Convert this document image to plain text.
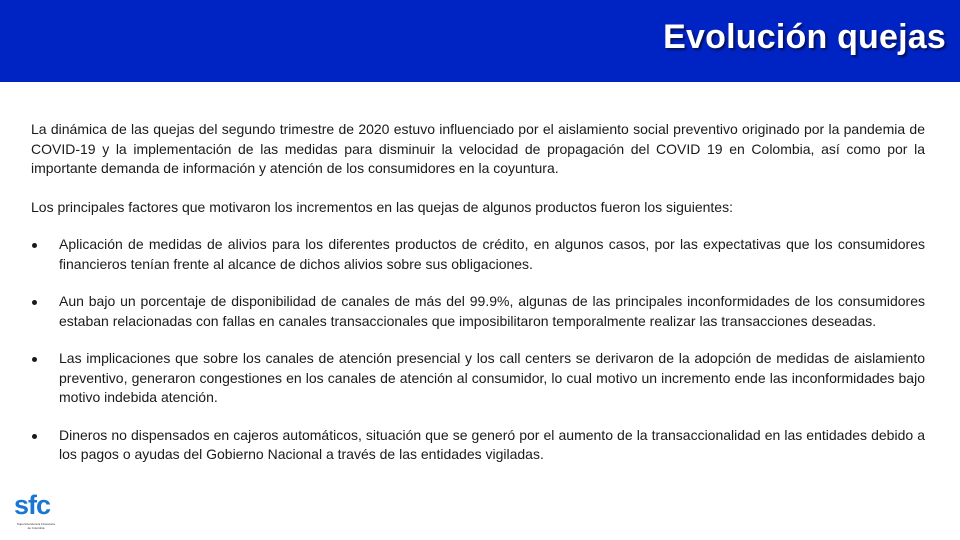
Evolución quejas

La dinámica de las quejas del segundo trimestre de 2020 estuvo influenciado por el aislamiento social preventivo originado por la pandemia de COVID-19 y la implementación de las medidas para disminuir la velocidad de propagación del COVID 19 en Colombia, así como por la importante demanda de información y atención de los consumidores en la coyuntura.

Los principales factores que motivaron los incrementos en las quejas de algunos productos fueron los siguientes:

Aplicación de medidas de alivios para los diferentes productos de crédito, en algunos casos, por las expectativas que los consumidores financieros tenían frente al alcance de dichos alivios sobre sus obligaciones.
Aun bajo un porcentaje de disponibilidad de canales de más del 99.9%, algunas de las principales inconformidades de los consumidores estaban relacionadas con fallas en canales transaccionales que imposibilitaron temporalmente realizar las transacciones deseadas.
Las implicaciones que sobre los canales de atención presencial y los call centers se derivaron de la adopción de medidas de aislamiento preventivo, generaron congestiones en los canales de atención al consumidor, lo cual motivo un incremento ende las inconformidades bajo motivo indebida atención.
Dineros no dispensados en cajeros automáticos, situación que se generó por el aumento de la transaccionalidad en las entidades debido a los pagos o ayudas del Gobierno Nacional a través de las entidades vigiladas.
sfc
Superintendencia Financiera
de Colombia
